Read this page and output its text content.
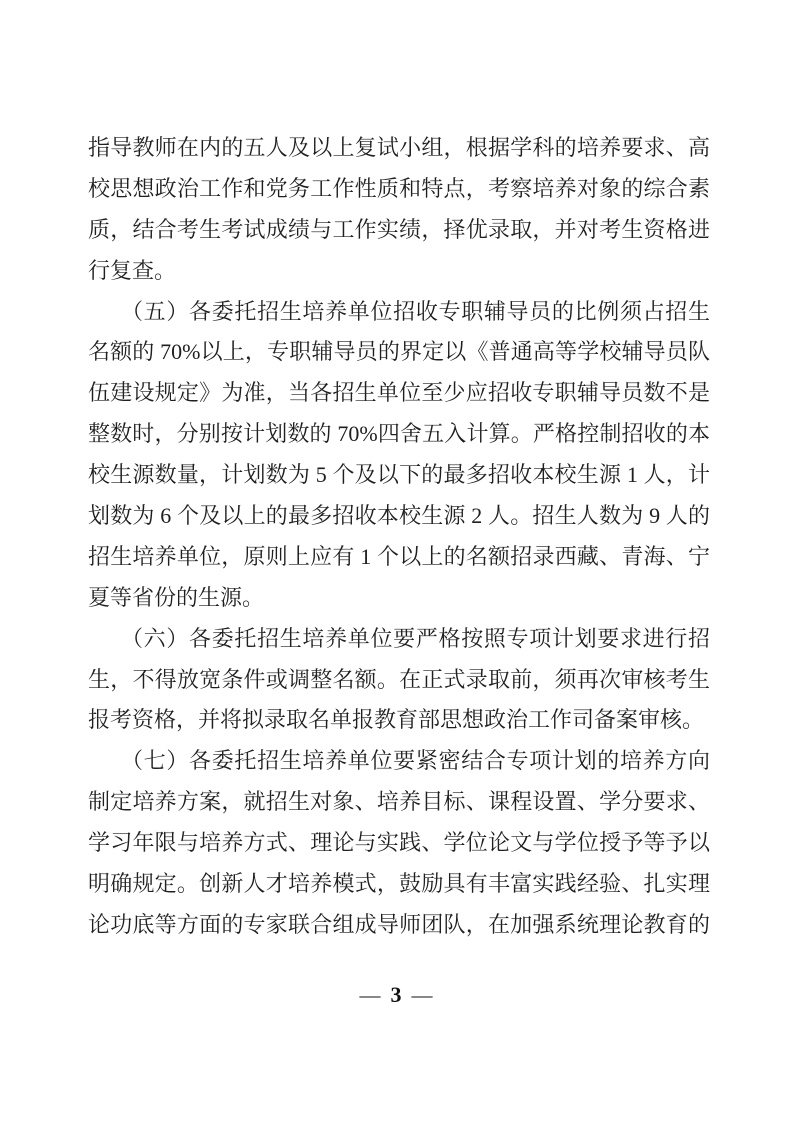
指导教师在内的五人及以上复试小组，根据学科的培养要求、高
校思想政治工作和党务工作性质和特点，考察培养对象的综合素
质，结合考生考试成绩与工作实绩，择优录取，并对考生资格进
行复查。
（五）各委托招生培养单位招收专职辅导员的比例须占招生
名额的 70%以上，专职辅导员的界定以《普通高等学校辅导员队
伍建设规定》为准，当各招生单位至少应招收专职辅导员数不是
整数时，分别按计划数的 70%四舍五入计算。严格控制招收的本
校生源数量，计划数为 5 个及以下的最多招收本校生源 1 人，计
划数为 6 个及以上的最多招收本校生源 2 人。招生人数为 9 人的
招生培养单位，原则上应有 1 个以上的名额招录西藏、青海、宁
夏等省份的生源。
（六）各委托招生培养单位要严格按照专项计划要求进行招
生，不得放宽条件或调整名额。在正式录取前，须再次审核考生
报考资格，并将拟录取名单报教育部思想政治工作司备案审核。
（七）各委托招生培养单位要紧密结合专项计划的培养方向
制定培养方案，就招生对象、培养目标、课程设置、学分要求、
学习年限与培养方式、理论与实践、学位论文与学位授予等予以
明确规定。创新人才培养模式，鼓励具有丰富实践经验、扎实理
论功底等方面的专家联合组成导师团队，在加强系统理论教育的
— 3 —
